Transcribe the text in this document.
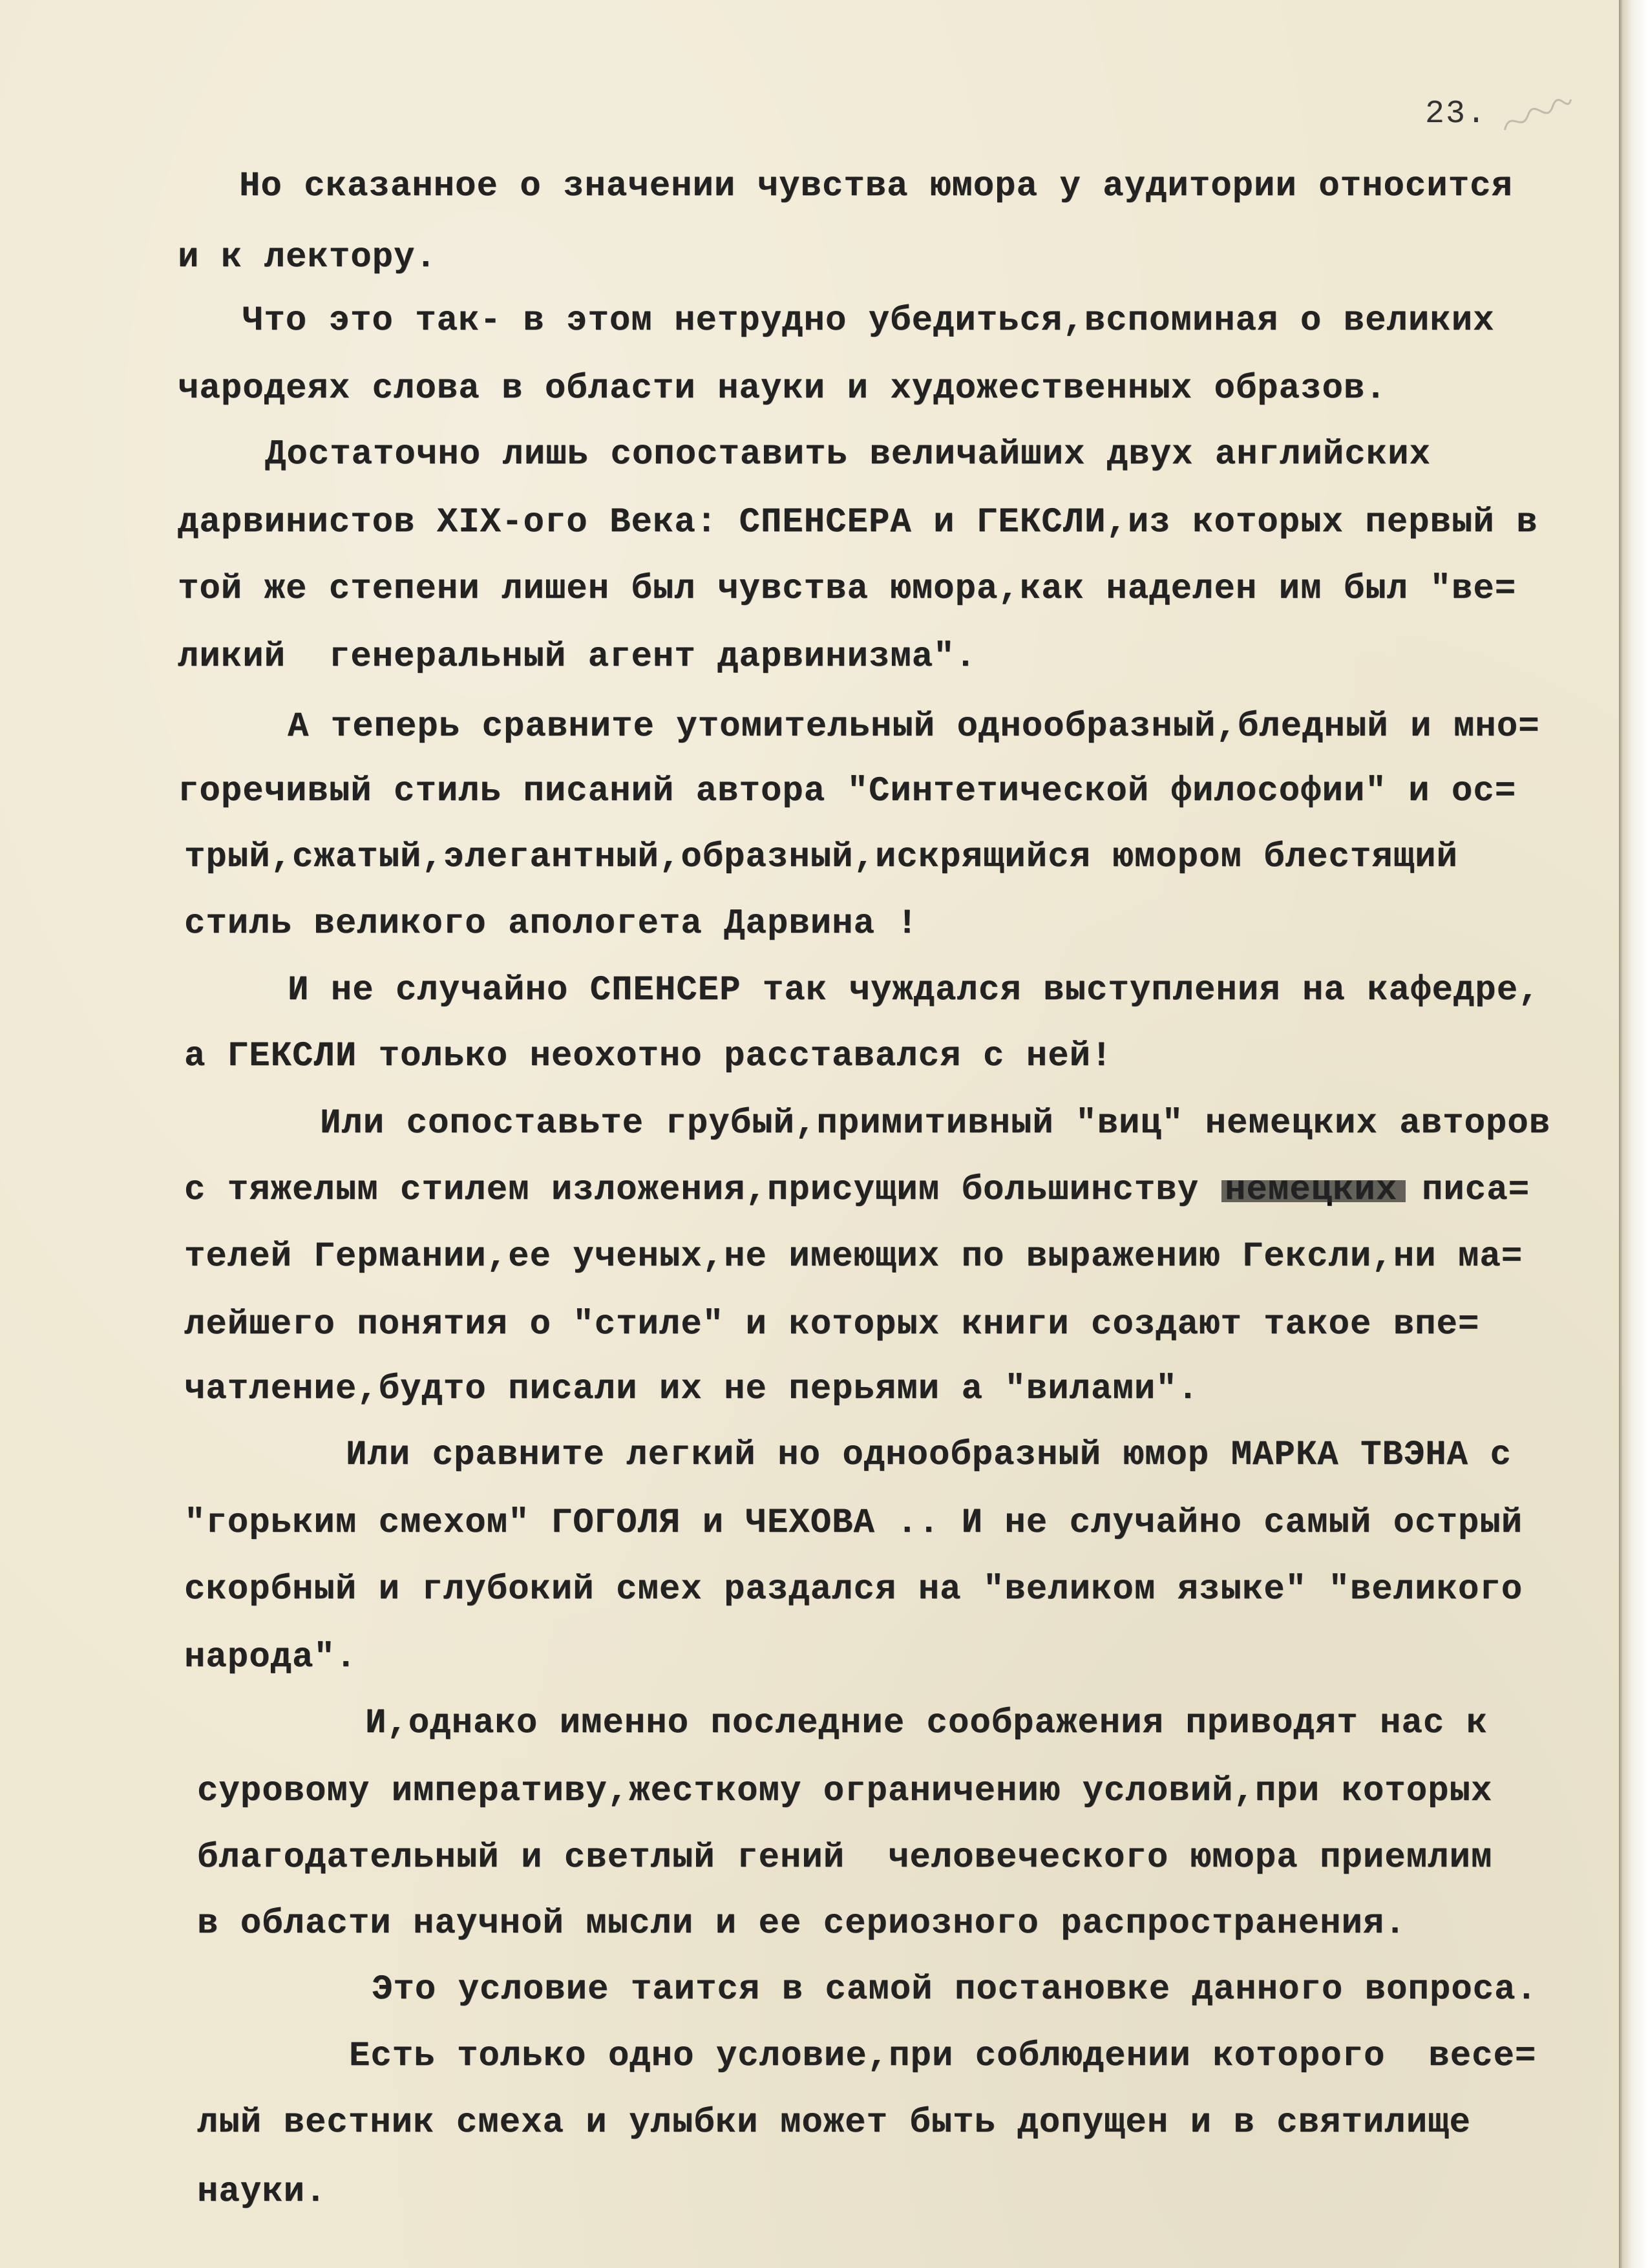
23.
Но сказанное о значении чувства юмора у аудитории относится
и к лектору.
Что это так- в этом нетрудно убедиться,вспоминая о великих
чародеях слова в области науки и художественных образов.
Достаточно лишь сопоставить величайших двух английских
дарвинистов XIX-ого Века: СПЕНСЕРА и ГЕКСЛИ,из которых первый в
той же степени лишен был чувства юмора,как наделен им был "ве=
ликий  генеральный агент дарвинизма".
А теперь сравните утомительный однообразный,бледный и мно=
горечивый стиль писаний автора "Синтетической философии" и ос=
трый,сжатый,элегантный,образный,искрящийся юмором блестящий
стиль великого апологета Дарвина !
И не случайно СПЕНСЕР так чуждался выступления на кафедре,
а ГЕКСЛИ только неохотно расставался с ней!
Или сопоставьте грубый,примитивный "виц" немецких авторов
с тяжелым стилем изложения,присущим большинству	писа=
телей Германии,ее ученых,не имеющих по выражению Гексли,ни ма=
лейшего понятия о "стиле" и которых книги создают такое впе=
чатление,будто писали их не перьями а "вилами".
Или сравните легкий но однообразный юмор МАРКА ТВЭНА с
"горьким смехом" ГОГОЛЯ и ЧЕХОВА .. И не случайно самый острый
скорбный и глубокий смех раздался на "великом языке" "великого
народа".
И,однако именно последние соображения приводят нас к
суровому императиву,жесткому ограничению условий,при которых
благодательный и светлый гений  человеческого юмора приемлим
в области научной мысли и ее сериозного распространения.
Это условие таится в самой постановке данного вопроса.
Есть только одно условие,при соблюдении которого  весе=
лый вестник смеха и улыбки может быть допущен и в святилище
науки.
